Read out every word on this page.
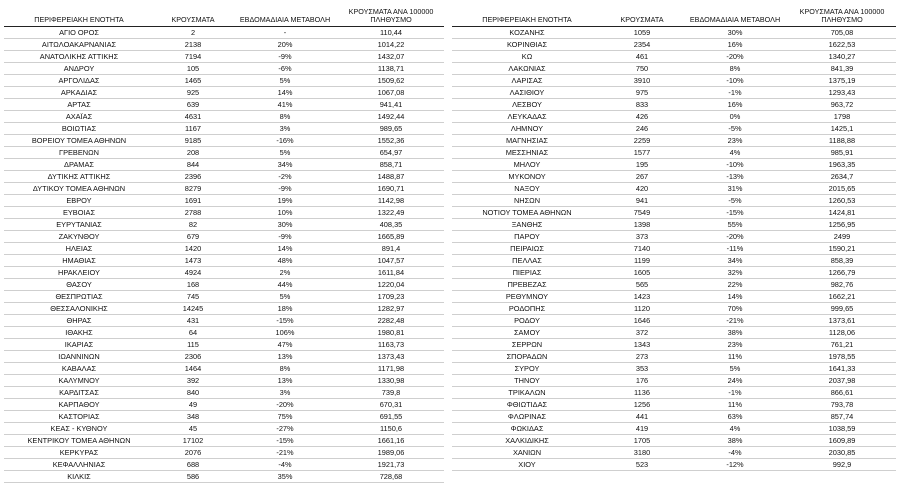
ΠΕΡΙΦΕΡΕΙΑΚΗ ΕΝΟΤΗΤΑ	ΚΡΟΥΣΜΑΤΑ	ΕΒΔΟΜΑΔΙΑΙΑ ΜΕΤΑΒΟΛΗ	ΚΡΟΥΣΜΑΤΑ ΑΝΑ 100000 ΠΛΗΘΥΣΜΟ
ΑΓΙΟ ΟΡΟΣ	2	-	110,44
ΑΙΤΩΛΟΑΚΑΡΝΑΝΙΑΣ	2138	20%	1014,22
ΑΝΑΤΟΛΙΚΗΣ ΑΤΤΙΚΗΣ	7194	-9%	1432,07
ΑΝΔΡΟΥ	105	-6%	1138,71
ΑΡΓΟΛΙΔΑΣ	1465	5%	1509,62
ΑΡΚΑΔΙΑΣ	925	14%	1067,08
ΑΡΤΑΣ	639	41%	941,41
ΑΧΑΪΑΣ	4631	8%	1492,44
ΒΟΙΩΤΙΑΣ	1167	3%	989,65
ΒΟΡΕΙΟΥ ΤΟΜΕΑ ΑΘΗΝΩΝ	9185	-16%	1552,36
ΓΡΕΒΕΝΩΝ	208	5%	654,97
ΔΡΑΜΑΣ	844	34%	858,71
ΔΥΤΙΚΗΣ ΑΤΤΙΚΗΣ	2396	-2%	1488,87
ΔΥΤΙΚΟΥ ΤΟΜΕΑ ΑΘΗΝΩΝ	8279	-9%	1690,71
ΕΒΡΟΥ	1691	19%	1142,98
ΕΥΒΟΙΑΣ	2788	10%	1322,49
ΕΥΡΥΤΑΝΙΑΣ	82	30%	408,35
ΖΑΚΥΝΘΟΥ	679	-9%	1665,89
ΗΛΕΙΑΣ	1420	14%	891,4
ΗΜΑΘΙΑΣ	1473	48%	1047,57
ΗΡΑΚΛΕΙΟΥ	4924	2%	1611,84
ΘΑΣΟΥ	168	44%	1220,04
ΘΕΣΠΡΩΤΙΑΣ	745	5%	1709,23
ΘΕΣΣΑΛΟΝΙΚΗΣ	14245	18%	1282,97
ΘΗΡΑΣ	431	-15%	2282,48
ΙΘΑΚΗΣ	64	106%	1980,81
ΙΚΑΡΙΑΣ	115	47%	1163,73
ΙΩΑΝΝΙΝΩΝ	2306	13%	1373,43
ΚΑΒΑΛΑΣ	1464	8%	1171,98
ΚΑΛΥΜΝΟΥ	392	13%	1330,98
ΚΑΡΔΙΤΣΑΣ	840	3%	739,8
ΚΑΡΠΑΘΟΥ	49	-20%	670,31
ΚΑΣΤΟΡΙΑΣ	348	75%	691,55
ΚΕΑΣ - ΚΥΘΝΟΥ	45	-27%	1150,6
ΚΕΝΤΡΙΚΟΥ ΤΟΜΕΑ ΑΘΗΝΩΝ	17102	-15%	1661,16
ΚΕΡΚΥΡΑΣ	2076	-21%	1989,06
ΚΕΦΑΛΛΗΝΙΑΣ	688	-4%	1921,73
ΚΙΛΚΙΣ	586	35%	728,68
ΠΕΡΙΦΕΡΕΙΑΚΗ ΕΝΟΤΗΤΑ	ΚΡΟΥΣΜΑΤΑ	ΕΒΔΟΜΑΔΙΑΙΑ ΜΕΤΑΒΟΛΗ	ΚΡΟΥΣΜΑΤΑ ΑΝΑ 100000 ΠΛΗΘΥΣΜΟ
ΚΟΖΑΝΗΣ	1059	30%	705,08
ΚΟΡΙΝΘΙΑΣ	2354	16%	1622,53
ΚΩ	461	-20%	1340,27
ΛΑΚΩΝΙΑΣ	750	8%	841,39
ΛΑΡΙΣΑΣ	3910	-10%	1375,19
ΛΑΣΙΘΙΟΥ	975	-1%	1293,43
ΛΕΣΒΟΥ	833	16%	963,72
ΛΕΥΚΑΔΑΣ	426	0%	1798
ΛΗΜΝΟΥ	246	-5%	1425,1
ΜΑΓΝΗΣΙΑΣ	2259	23%	1188,88
ΜΕΣΣΗΝΙΑΣ	1577	4%	985,91
ΜΗΛΟΥ	195	-10%	1963,35
ΜΥΚΟΝΟΥ	267	-13%	2634,7
ΝΑΞΟΥ	420	31%	2015,65
ΝΗΣΩΝ	941	-5%	1260,53
ΝΟΤΙΟΥ ΤΟΜΕΑ ΑΘΗΝΩΝ	7549	-15%	1424,81
ΞΑΝΘΗΣ	1398	55%	1256,95
ΠΑΡΟΥ	373	-20%	2499
ΠΕΙΡΑΙΩΣ	7140	-11%	1590,21
ΠΕΛΛΑΣ	1199	34%	858,39
ΠΙΕΡΙΑΣ	1605	32%	1266,79
ΠΡΕΒΕΖΑΣ	565	22%	982,76
ΡΕΘΥΜΝΟΥ	1423	14%	1662,21
ΡΟΔΟΠΗΣ	1120	70%	999,65
ΡΟΔΟΥ	1646	-21%	1373,61
ΣΑΜΟΥ	372	38%	1128,06
ΣΕΡΡΩΝ	1343	23%	761,21
ΣΠΟΡΑΔΩΝ	273	11%	1978,55
ΣΥΡΟΥ	353	5%	1641,33
ΤΗΝΟΥ	176	24%	2037,98
ΤΡΙΚΑΛΩΝ	1136	-1%	866,61
ΦΘΙΩΤΙΔΑΣ	1256	11%	793,78
ΦΛΩΡΙΝΑΣ	441	63%	857,74
ΦΩΚΙΔΑΣ	419	4%	1038,59
ΧΑΛΚΙΔΙΚΗΣ	1705	38%	1609,89
ΧΑΝΙΩΝ	3180	-4%	2030,85
ΧΙΟΥ	523	-12%	992,9
